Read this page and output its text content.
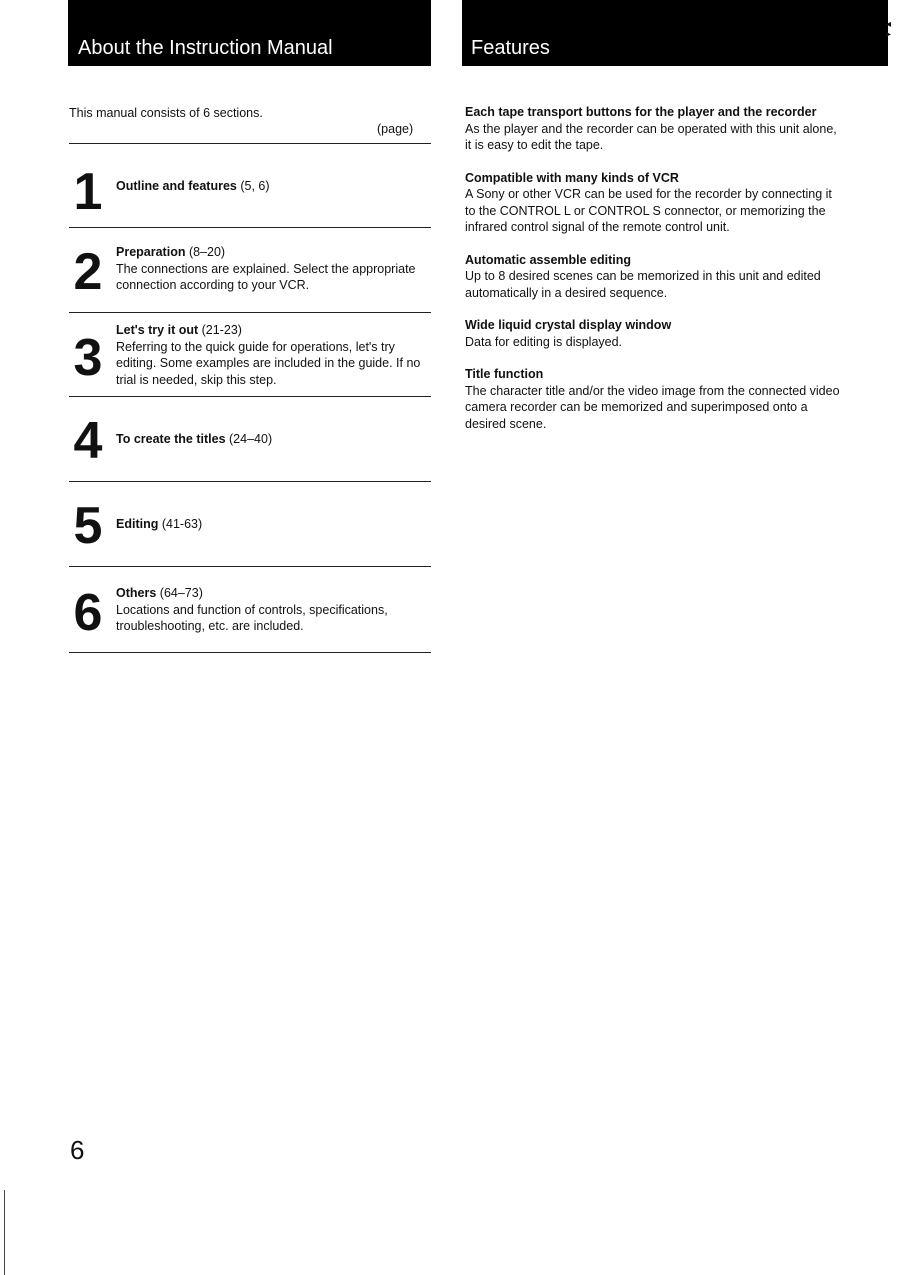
About the Instruction Manual	Features
◂
▸
This manual consists of 6 sections.
(page)
1	Outline and features (5, 6)
2	Preparation (8–20)
The connections are explained. Select the appropriate connection according to your VCR.
3	Let's try it out (21-23)
Referring to the quick guide for operations, let's try editing. Some examples are included in the guide. If no trial is needed, skip this step.
4	To create the titles (24–40)
5	Editing (41-63)
6	Others (64–73)
Locations and function of controls, specifications, troubleshooting, etc. are included.
Each tape transport buttons for the player and the recorder
As the player and the recorder can be operated with this unit alone, it is easy to edit the tape.
Compatible with many kinds of VCR
A Sony or other VCR can be used for the recorder by connecting it to the CONTROL L or CONTROL S connector, or memorizing the infrared control signal of the remote control unit.
Automatic assemble editing
Up to 8 desired scenes can be memorized in this unit and edited automatically in a desired sequence.
Wide liquid crystal display window
Data for editing is displayed.
Title function
The character title and/or the video image from the connected video camera recorder can be memorized and superimposed onto a desired scene.
6
